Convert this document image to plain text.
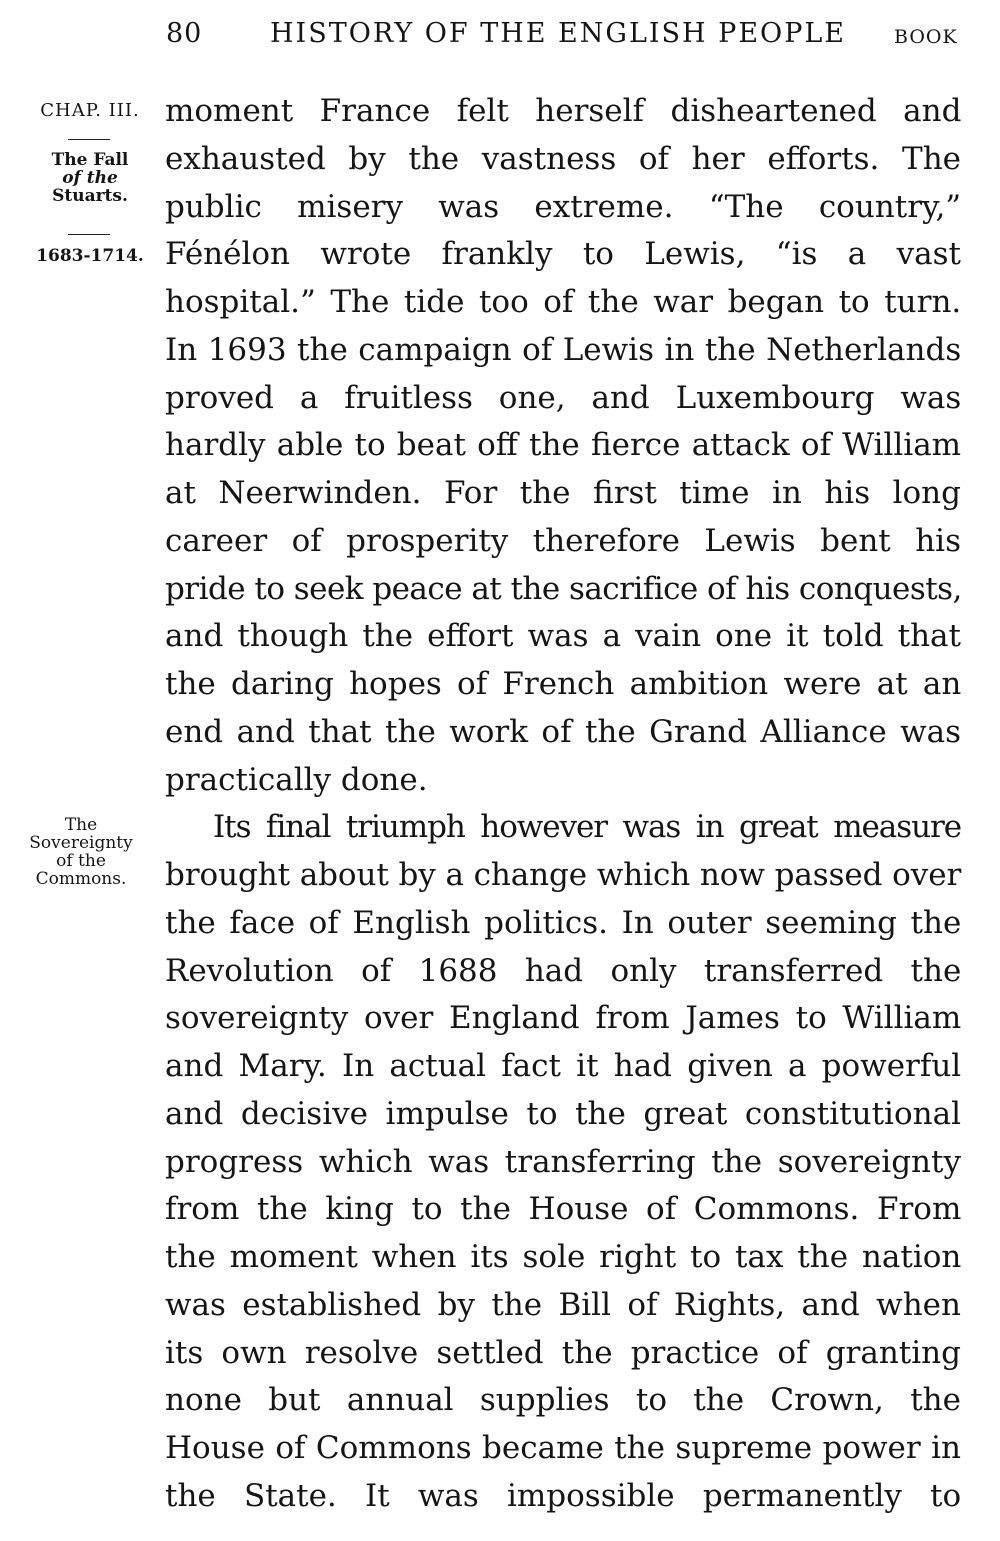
80	HISTORY OF THE ENGLISH PEOPLE	BOOK
CHAP. III.
The Fall
of the
Stuarts.
1683-1714.
The
Sovereignty
of the
Commons.
moment France felt herself disheartened and
exhausted by the vastness of her efforts. The
public misery was extreme. “The country,”
Fénélon wrote frankly to Lewis, “is a vast
hospital.” The tide too of the war began to turn.
In 1693 the campaign of Lewis in the Netherlands
proved a fruitless one, and Luxembourg was
hardly able to beat off the fierce attack of William
at Neerwinden. For the first time in his long
career of prosperity therefore Lewis bent his
pride to seek peace at the sacrifice of his conquests,
and though the effort was a vain one it told that
the daring hopes of French ambition were at an
end and that the work of the Grand Alliance was
practically done.
Its final triumph however was in great measure
brought about by a change which now passed over
the face of English politics. In outer seeming the
Revolution of 1688 had only transferred the
sovereignty over England from James to William
and Mary. In actual fact it had given a powerful
and decisive impulse to the great constitutional
progress which was transferring the sovereignty
from the king to the House of Commons. From
the moment when its sole right to tax the nation
was established by the Bill of Rights, and when
its own resolve settled the practice of granting
none but annual supplies to the Crown, the
House of Commons became the supreme power in
the State. It was impossible permanently to
